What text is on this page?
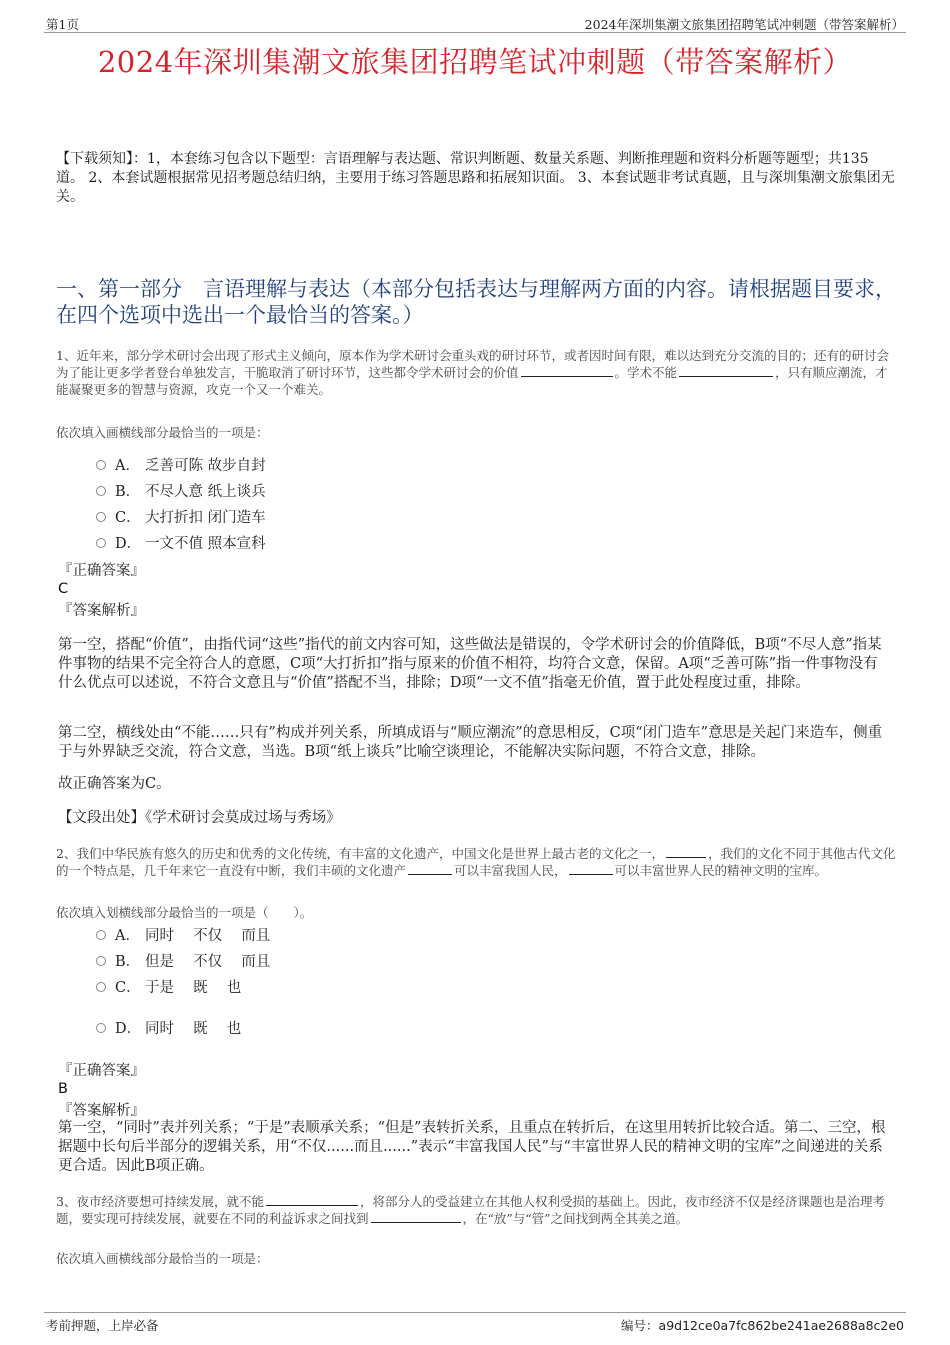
第1页	2024年深圳集潮文旅集团招聘笔试冲刺题（带答案解析）
2024年深圳集潮文旅集团招聘笔试冲刺题（带答案解析）
【下载须知】：1，本套练习包含以下题型：言语理解与表达题、常识判断题、数量关系题、判断推理题和资料分析题等题型；共135道。 2、本套试题根据常见招考题总结归纳，主要用于练习答题思路和拓展知识面。 3、本套试题非考试真题，且与深圳集潮文旅集团无关。
一、第一部分　言语理解与表达（本部分包括表达与理解两方面的内容。请根据题目要求，在四个选项中选出一个最恰当的答案。）
1、近年来，部分学术研讨会出现了形式主义倾向，原本作为学术研讨会重头戏的研讨环节，或者因时间有限，难以达到充分交流的目的；还有的研讨会为了能让更多学者登台单独发言，干脆取消了研讨环节，这些都令学术研讨会的价值	。学术不能	，只有顺应潮流，才能凝聚更多的智慧与资源，攻克一个又一个难关。
依次填入画横线部分最恰当的一项是：
A． 乏善可陈 故步自封
B． 不尽人意 纸上谈兵
C． 大打折扣 闭门造车
D． 一文不值 照本宣科
『正确答案』
C
『答案解析』
第一空，搭配“价值”，由指代词“这些”指代的前文内容可知，这些做法是错误的，令学术研讨会的价值降低，B项“不尽人意”指某件事物的结果不完全符合人的意愿，C项“大打折扣”指与原来的价值不相符，均符合文意，保留。A项“乏善可陈”指一件事物没有什么优点可以述说，不符合文意且与“价值”搭配不当，排除；D项“一文不值”指毫无价值，置于此处程度过重，排除。
第二空，横线处由“不能……只有”构成并列关系，所填成语与“顺应潮流”的意思相反，C项“闭门造车”意思是关起门来造车，侧重于与外界缺乏交流，符合文意，当选。B项“纸上谈兵”比喻空谈理论，不能解决实际问题，不符合文意，排除。
故正确答案为C。
【文段出处】《学术研讨会莫成过场与秀场》
2、我们中华民族有悠久的历史和优秀的文化传统，有丰富的文化遗产，中国文化是世界上最古老的文化之一，	，我们的文化不同于其他古代文化的一个特点是，几千年来它一直没有中断，我们丰硕的文化遗产	可以丰富我国人民，	可以丰富世界人民的精神文明的宝库。
依次填入划横线部分最恰当的一项是（　　）。
A． 同时　 不仅　 而且
B． 但是　 不仅　 而且
C． 于是　 既　 也
D． 同时　 既　 也
『正确答案』
B
『答案解析』
第一空，“同时”表并列关系；“于是”表顺承关系；“但是”表转折关系，且重点在转折后，在这里用转折比较合适。第二、三空，根据题中长句后半部分的逻辑关系，用“不仅......而且......”表示“丰富我国人民”与“丰富世界人民的精神文明的宝库”之间递进的关系更合适。因此B项正确。
3、夜市经济要想可持续发展，就不能	，将部分人的受益建立在其他人权利受损的基础上。因此，夜市经济不仅是经济课题也是治理考题，要实现可持续发展，就要在不同的利益诉求之间找到	，在“放”与“管”之间找到两全其美之道。
依次填入画横线部分最恰当的一项是：
考前押题，上岸必备	编号：a9d12ce0a7fc862be241ae2688a8c2e0
